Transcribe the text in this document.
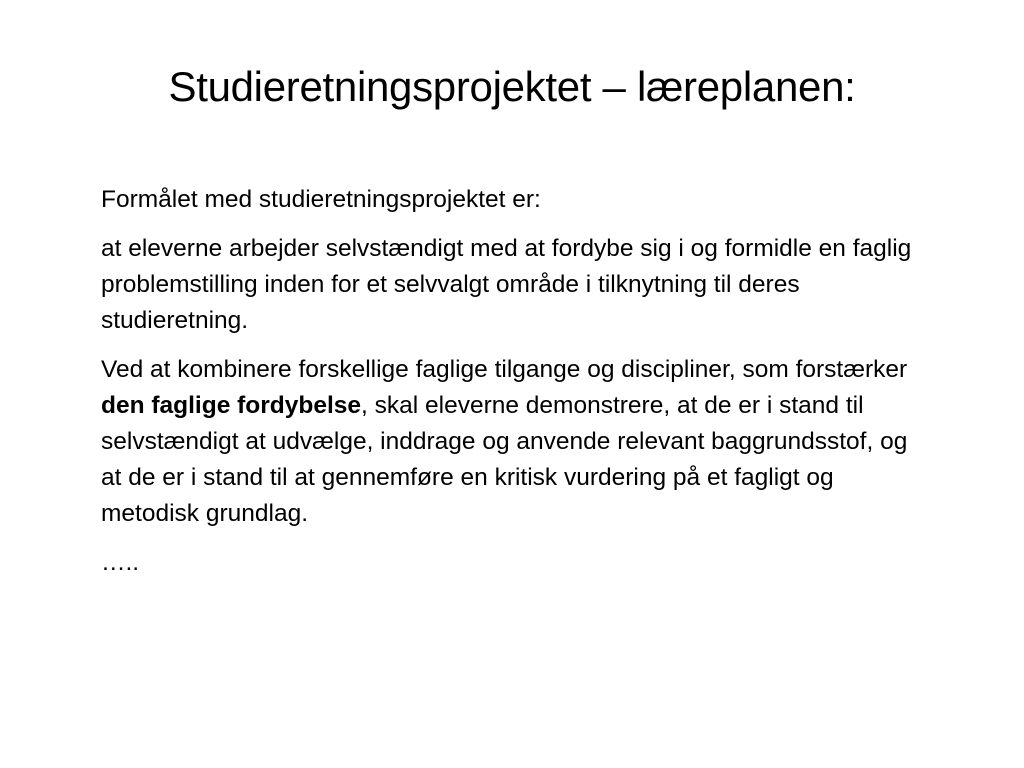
Studieretningsprojektet – læreplanen:

Formålet med studieretningsprojektet er:

at eleverne arbejder selvstændigt med at fordybe sig i og formidle en faglig problemstilling inden for et selvvalgt område i tilknytning til deres studieretning.

Ved at kombinere forskellige faglige tilgange og discipliner, som forstærker den faglige fordybelse, skal eleverne demonstrere, at de er i stand til selvstændigt at udvælge, inddrage og anvende relevant baggrundsstof, og at de er i stand til at gennemføre en kritisk vurdering på et fagligt og metodisk grundlag.

…..
